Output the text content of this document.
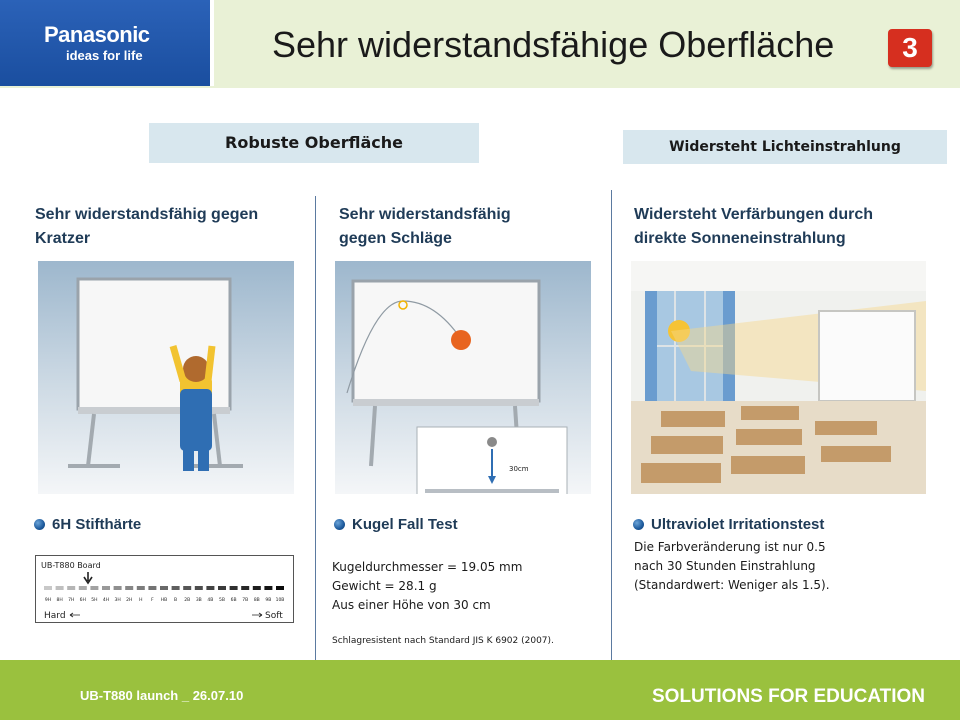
Panasonic
ideas for life	Sehr widerstandsfähige Oberfläche	3
Robuste Oberfläche	Widersteht Lichteinstrahlung
Sehr widerstandsfähig gegen
Kratzer
6H Stifthärte
UB-T880 Board
9H 8H 7H 6H 5H 4H 3H 2H H F HB B 2B 3B 4B 5B 6B 7B 8B 9B 10B
Hard	Soft
Sehr widerstandsfähig
gegen Schläge
30cm
Kugel Fall Test
Kugeldurchmesser = 19.05 mm
Gewicht = 28.1 g
Aus einer Höhe von 30 cm
Schlagresistent nach Standard JIS K 6902 (2007).
Widersteht Verfärbungen durch
direkte Sonneneinstrahlung
Ultraviolet Irritationstest
Die Farbveränderung ist nur 0.5
nach 30 Stunden Einstrahlung
(Standardwert: Weniger als 1.5).
UB-T880 launch _ 26.07.10	SOLUTIONS FOR EDUCATION
